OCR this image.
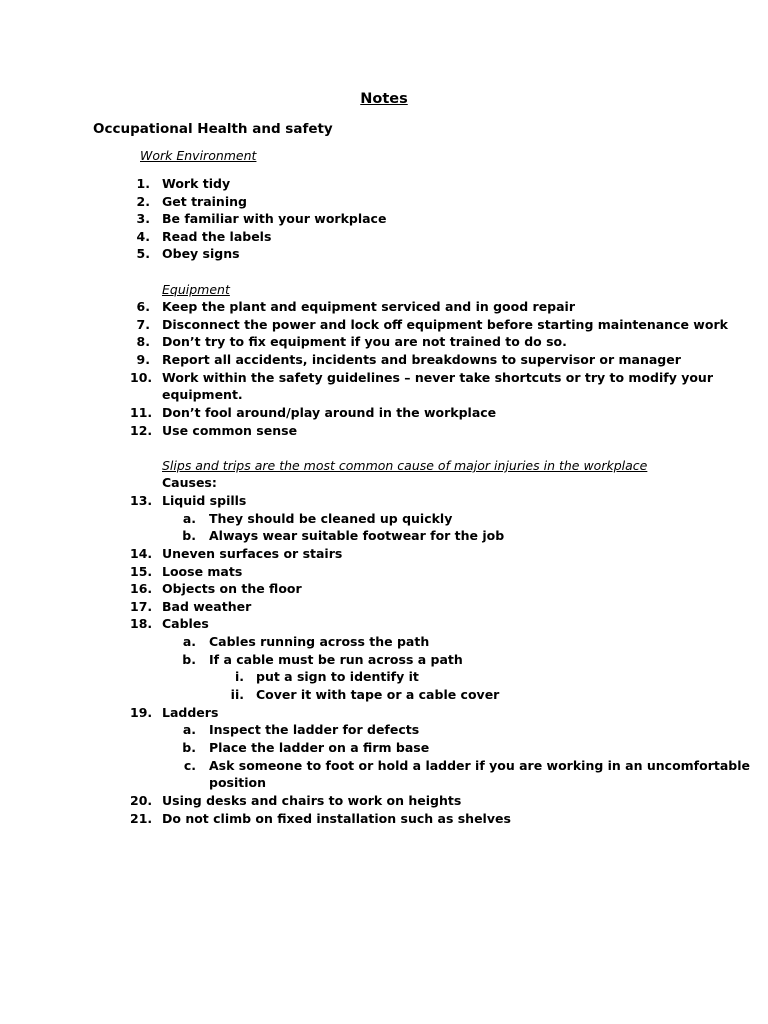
Notes
Occupational Health and safety
Work Environment
1. Work tidy
2. Get training
3. Be familiar with your workplace
4. Read the labels
5. Obey signs
Equipment
6. Keep the plant and equipment serviced and in good repair
7. Disconnect the power and lock off equipment before starting maintenance work
8. Don’t try to fix equipment if you are not trained to do so.
9. Report all accidents, incidents and breakdowns to supervisor or manager
10. Work within the safety guidelines – never take shortcuts or try to modify your
equipment.
11. Don’t fool around/play around in the workplace
12. Use common sense
Slips and trips are the most common cause of major injuries in the workplace
Causes:
13. Liquid spills
a. They should be cleaned up quickly
b. Always wear suitable footwear for the job
14. Uneven surfaces or stairs
15. Loose mats
16. Objects on the floor
17. Bad weather
18. Cables
a. Cables running across the path
b. If a cable must be run across a path
i. put a sign to identify it
ii. Cover it with tape or a cable cover
19. Ladders
a. Inspect the ladder for defects
b. Place the ladder on a firm base
c. Ask someone to foot or hold a ladder if you are working in an uncomfortable
position
20. Using desks and chairs to work on heights
21. Do not climb on fixed installation such as shelves
